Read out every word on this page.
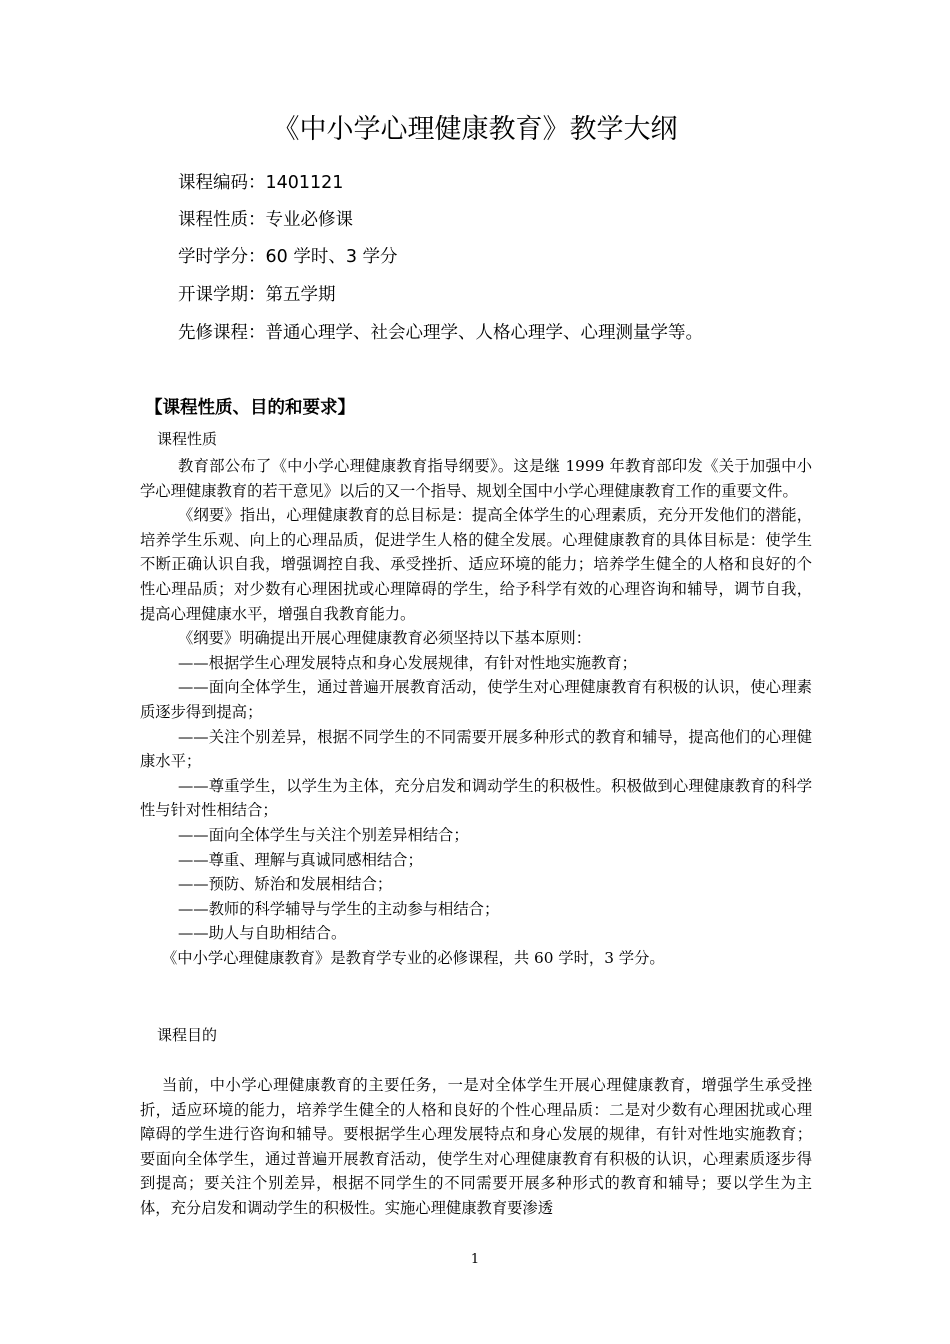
《中小学心理健康教育》教学大纲
课程编码：1401121
课程性质：专业必修课
学时学分：60 学时、3 学分
开课学期：第五学期
先修课程：普通心理学、社会心理学、人格心理学、心理测量学等。
【课程性质、目的和要求】
课程性质

教育部公布了《中小学心理健康教育指导纲要》。这是继 1999 年教育部印发《关于加强中小学心理健康教育的若干意见》以后的又一个指导、规划全国中小学心理健康教育工作的重要文件。

《纲要》指出，心理健康教育的总目标是：提高全体学生的心理素质，充分开发他们的潜能，培养学生乐观、向上的心理品质，促进学生人格的健全发展。心理健康教育的具体目标是：使学生不断正确认识自我，增强调控自我、承受挫折、适应环境的能力；培养学生健全的人格和良好的个性心理品质；对少数有心理困扰或心理障碍的学生，给予科学有效的心理咨询和辅导，调节自我，提高心理健康水平，增强自我教育能力。

《纲要》明确提出开展心理健康教育必须坚持以下基本原则：

——根据学生心理发展特点和身心发展规律，有针对性地实施教育；

——面向全体学生，通过普遍开展教育活动，使学生对心理健康教育有积极的认识，使心理素质逐步得到提高；

——关注个别差异，根据不同学生的不同需要开展多种形式的教育和辅导，提高他们的心理健康水平；

——尊重学生，以学生为主体，充分启发和调动学生的积极性。积极做到心理健康教育的科学性与针对性相结合；

——面向全体学生与关注个别差异相结合；

——尊重、理解与真诚同感相结合；

——预防、矫治和发展相结合；

——教师的科学辅导与学生的主动参与相结合；

——助人与自助相结合。

《中小学心理健康教育》是教育学专业的必修课程，共 60 学时，3 学分。

课程目的

当前，中小学心理健康教育的主要任务，一是对全体学生开展心理健康教育，增强学生承受挫折，适应环境的能力，培养学生健全的人格和良好的个性心理品质：二是对少数有心理困扰或心理障碍的学生进行咨询和辅导。要根据学生心理发展特点和身心发展的规律，有针对性地实施教育；要面向全体学生，通过普遍开展教育活动，使学生对心理健康教育有积极的认识，心理素质逐步得到提高；要关注个别差异，根据不同学生的不同需要开展多种形式的教育和辅导；要以学生为主体，充分启发和调动学生的积极性。实施心理健康教育要渗透

1
